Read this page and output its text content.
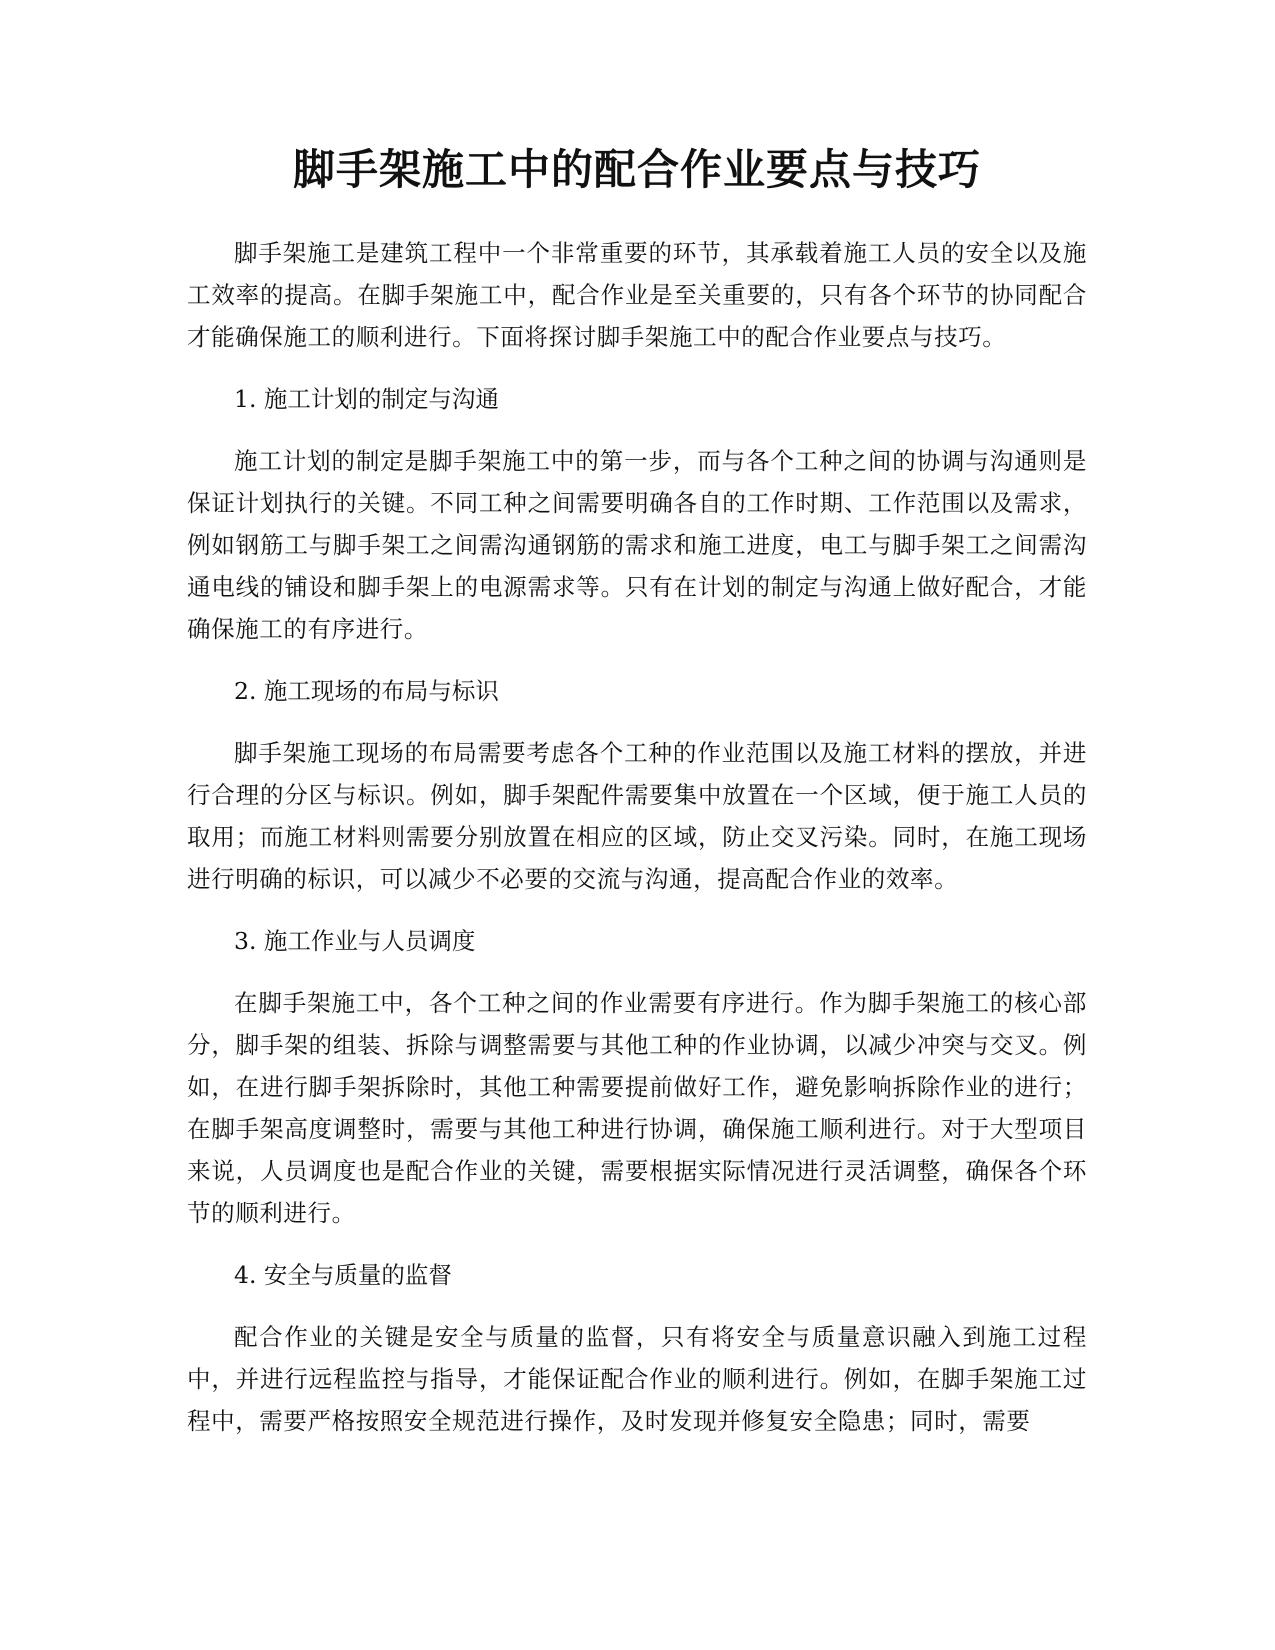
脚手架施工中的配合作业要点与技巧

脚手架施工是建筑工程中一个非常重要的环节，其承载着施工人员的安全以及施工效率的提高。在脚手架施工中，配合作业是至关重要的，只有各个环节的协同配合才能确保施工的顺利进行。下面将探讨脚手架施工中的配合作业要点与技巧。

1. 施工计划的制定与沟通

施工计划的制定是脚手架施工中的第一步，而与各个工种之间的协调与沟通则是保证计划执行的关键。不同工种之间需要明确各自的工作时期、工作范围以及需求，例如钢筋工与脚手架工之间需沟通钢筋的需求和施工进度，电工与脚手架工之间需沟通电线的铺设和脚手架上的电源需求等。只有在计划的制定与沟通上做好配合，才能确保施工的有序进行。

2. 施工现场的布局与标识

脚手架施工现场的布局需要考虑各个工种的作业范围以及施工材料的摆放，并进行合理的分区与标识。例如，脚手架配件需要集中放置在一个区域，便于施工人员的取用；而施工材料则需要分别放置在相应的区域，防止交叉污染。同时，在施工现场进行明确的标识，可以减少不必要的交流与沟通，提高配合作业的效率。

3. 施工作业与人员调度

在脚手架施工中，各个工种之间的作业需要有序进行。作为脚手架施工的核心部分，脚手架的组装、拆除与调整需要与其他工种的作业协调，以减少冲突与交叉。例如，在进行脚手架拆除时，其他工种需要提前做好工作，避免影响拆除作业的进行；在脚手架高度调整时，需要与其他工种进行协调，确保施工顺利进行。对于大型项目来说，人员调度也是配合作业的关键，需要根据实际情况进行灵活调整，确保各个环节的顺利进行。

4. 安全与质量的监督

配合作业的关键是安全与质量的监督，只有将安全与质量意识融入到施工过程中，并进行远程监控与指导，才能保证配合作业的顺利进行。例如，在脚手架施工过程中，需要严格按照安全规范进行操作，及时发现并修复安全隐患；同时，需要
